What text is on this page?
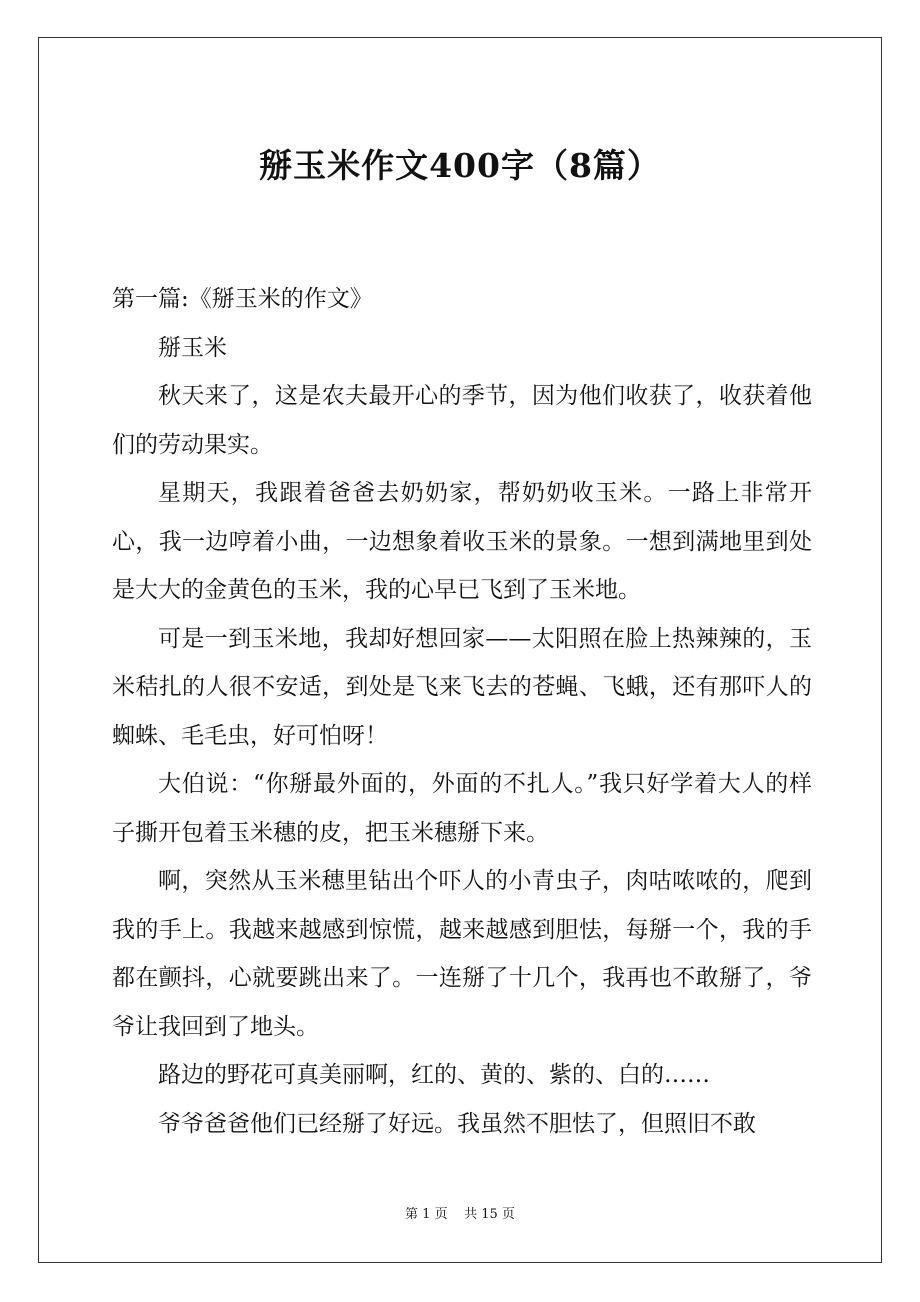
掰玉米作文400字（8篇）

第一篇:《掰玉米的作文》

掰玉米

秋天来了，这是农夫最开心的季节，因为他们收获了，收获着他们的劳动果实。

星期天，我跟着爸爸去奶奶家，帮奶奶收玉米。一路上非常开心，我一边哼着小曲，一边想象着收玉米的景象。一想到满地里到处是大大的金黄色的玉米，我的心早已飞到了玉米地。

可是一到玉米地，我却好想回家——太阳照在脸上热辣辣的，玉米秸扎的人很不安适，到处是飞来飞去的苍蝇、飞蛾，还有那吓人的蜘蛛、毛毛虫，好可怕呀！

大伯说：“你掰最外面的，外面的不扎人。”我只好学着大人的样子撕开包着玉米穗的皮，把玉米穗掰下来。

啊，突然从玉米穗里钻出个吓人的小青虫子，肉咕哝哝的，爬到我的手上。我越来越感到惊慌，越来越感到胆怯，每掰一个，我的手都在颤抖，心就要跳出来了。一连掰了十几个，我再也不敢掰了，爷爷让我回到了地头。

路边的野花可真美丽啊，红的、黄的、紫的、白的……

爷爷爸爸他们已经掰了好远。我虽然不胆怯了，但照旧不敢

第 1 页 共 15 页
